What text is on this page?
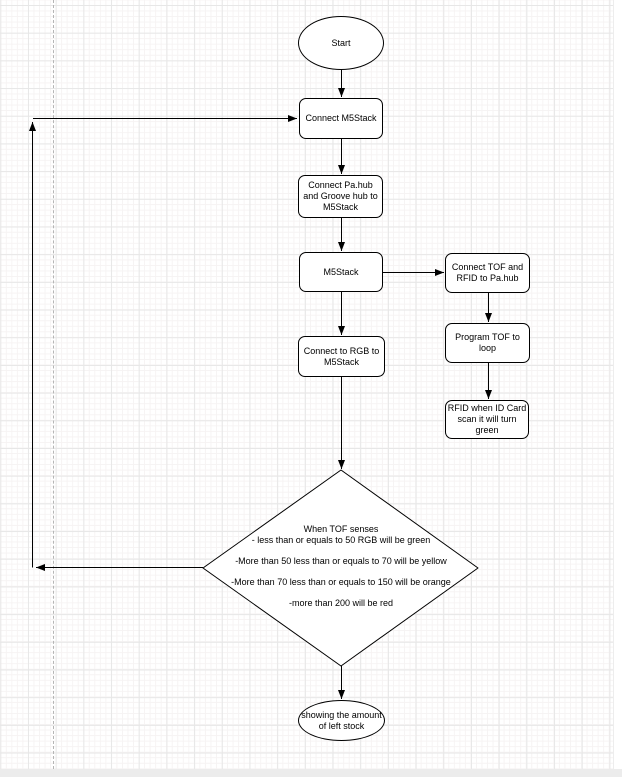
Start
Connect M5Stack
Connect Pa.hub and Groove hub to M5Stack
M5Stack	Connect TOF and RFID to Pa.hub
Program TOF to loop
RFID when ID Card scan it will turn green
Connect to RGB to M5Stack
When TOF senses
- less than or equals to 50 RGB will be green
-More than 50 less than or equals to 70 will be yellow
-More than 70 less than or equals to 150 will be orange
-more than 200 will be red
showing the amount of left stock
